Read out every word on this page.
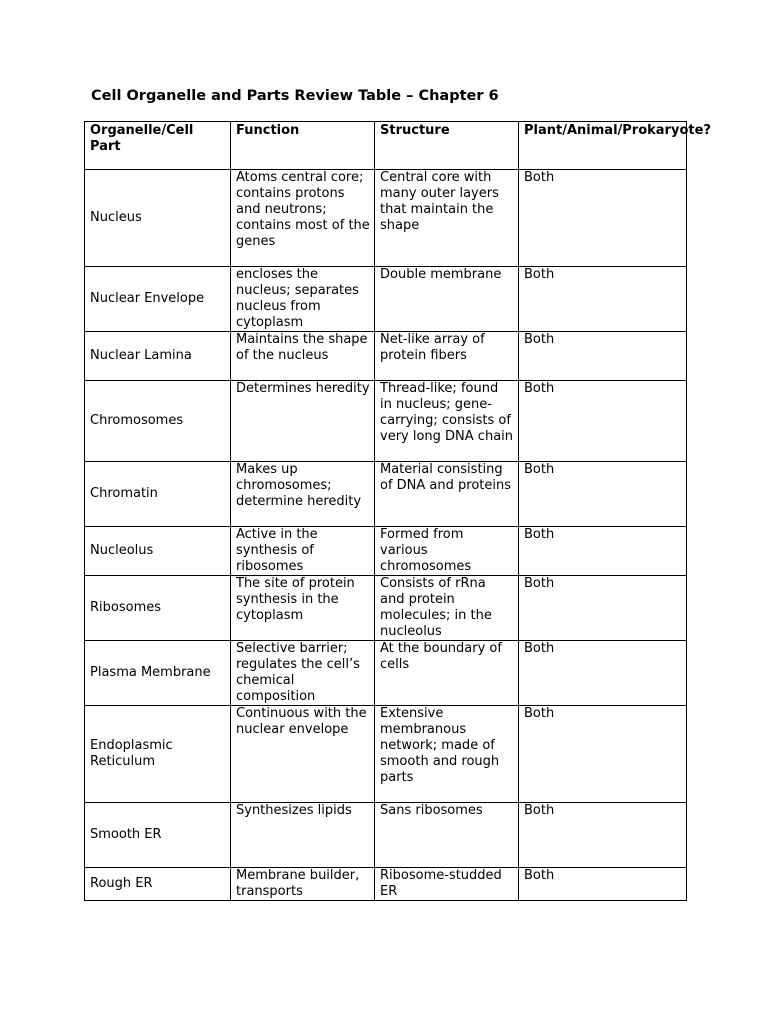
Cell Organelle and Parts Review Table – Chapter 6
Organelle/Cell Part	Function	Structure	Plant/Animal/Prokaryote?
Nucleus	Atoms central core; contains protons and neutrons; contains most of the genes	Central core with many outer layers that maintain the shape	Both
Nuclear Envelope	encloses the nucleus; separates nucleus from cytoplasm	Double membrane	Both
Nuclear Lamina	Maintains the shape of the nucleus	Net-like array of protein fibers	Both
Chromosomes	Determines heredity	Thread-like; found in nucleus; gene-carrying; consists of very long DNA chain	Both
Chromatin	Makes up chromosomes; determine heredity	Material consisting of DNA and proteins	Both
Nucleolus	Active in the synthesis of ribosomes	Formed from various chromosomes	Both
Ribosomes	The site of protein synthesis in the cytoplasm	Consists of rRna and protein molecules; in the nucleolus	Both
Plasma Membrane	Selective barrier; regulates the cell’s chemical composition	At the boundary of cells	Both
Endoplasmic Reticulum	Continuous with the nuclear envelope	Extensive membranous network; made of smooth and rough parts	Both
Smooth ER	Synthesizes lipids	Sans ribosomes	Both
Rough ER	Membrane builder, transports	Ribosome-studded ER	Both
